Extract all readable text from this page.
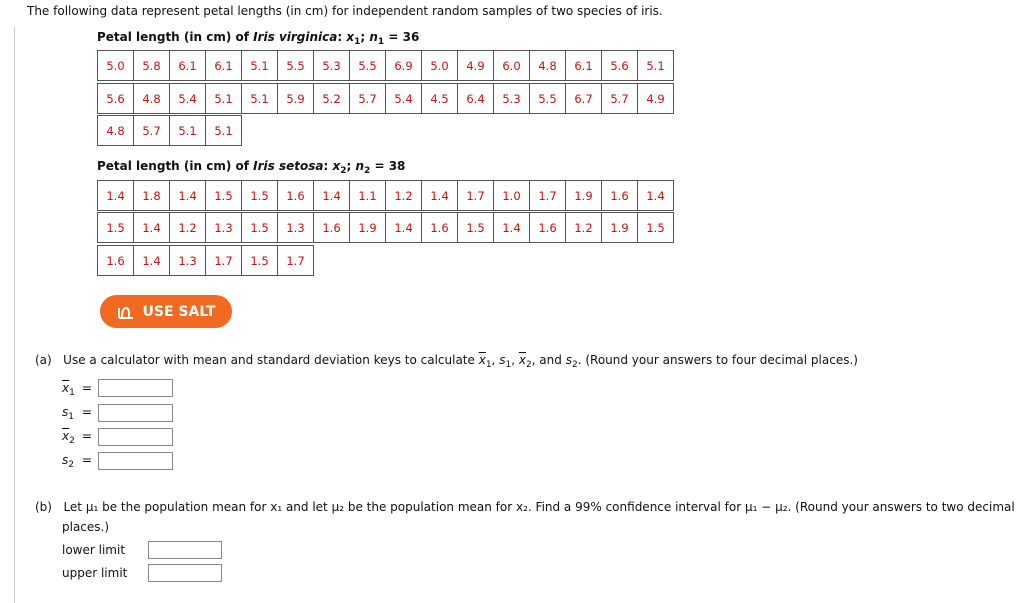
The following data represent petal lengths (in cm) for independent random samples of two species of iris.
Petal length (in cm) of Iris virginica: $x_1$; $n_1 = 36$
5.0	5.8	6.1	6.1	5.1	5.5	5.3	5.5	6.9	5.0	4.9	6.0	4.8	6.1	5.6	5.1
5.6	4.8	5.4	5.1	5.1	5.9	5.2	5.7	5.4	4.5	6.4	5.3	5.5	6.7	5.7	4.9
4.8	5.7	5.1	5.1
Petal length (in cm) of Iris setosa: $x_2$; $n_2 = 38$
1.4	1.8	1.4	1.5	1.5	1.6	1.4	1.1	1.2	1.4	1.7	1.0	1.7	1.9	1.6	1.4
1.5	1.4	1.2	1.3	1.5	1.3	1.6	1.9	1.4	1.6	1.5	1.4	1.6	1.2	1.9	1.5
1.6	1.4	1.3	1.7	1.5	1.7
USE SALT
(a) Use a calculator with mean and standard deviation keys to calculate $\overline{x}_1$, $s_1$, $\overline{x}_2$, and $s_2$. (Round your answers to four decimal places.)
$\overline{x}_1$ =
$s_1$ =
$\overline{x}_2$ =
$s_2$ =
(b) Let μ₁ be the population mean for x₁ and let μ₂ be the population mean for x₂. Find a 99% confidence interval for μ₁ − μ₂. (Round your answers to two decimal
places.)
lower limit
upper limit
